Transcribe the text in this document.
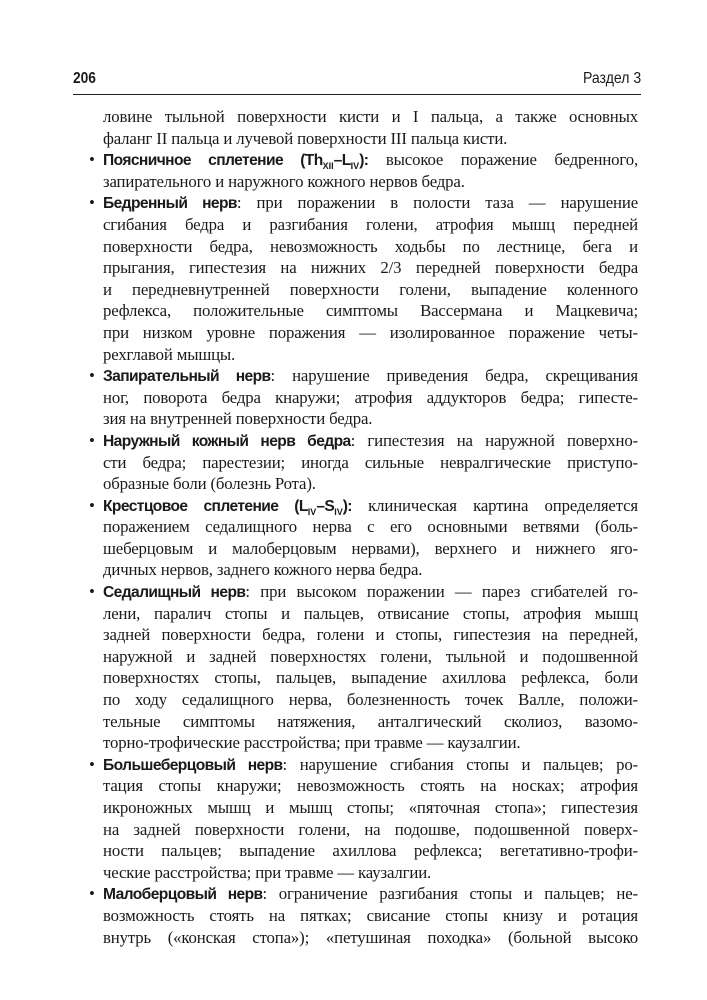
206	Раздел 3
ловине тыльной поверхности кисти и I пальца, а также основных
фаланг II пальца и лучевой поверхности III пальца кисти.
• Поясничное сплетение $(Th_{XII}-L_{IV})$: высокое поражение бедренного,
запирательного и наружного кожного нервов бедра.
• Бедренный нерв: при поражении в полости таза — нарушение
сгибания бедра и разгибания голени, атрофия мышц передней
поверхности бедра, невозможность ходьбы по лестнице, бега и
прыгания, гипестезия на нижних 2/3 передней поверхности бедра
и передневнутренней поверхности голени, выпадение коленного
рефлекса, положительные симптомы Вассермана и Мацкевича;
при низком уровне поражения — изолированное поражение четы-
рехглавой мышцы.
• Запирательный нерв: нарушение приведения бедра, скрещивания
ног, поворота бедра кнаружи; атрофия аддукторов бедра; гипесте-
зия на внутренней поверхности бедра.
• Наружный кожный нерв бедра: гипестезия на наружной поверхно-
сти бедра; парестезии; иногда сильные невралгические приступо-
образные боли (болезнь Рота).
• Крестцовое сплетение $(L_{IV}-S_{IV})$: клиническая картина определяется
поражением седалищного нерва с его основными ветвями (боль-
шеберцовым и малоберцовым нервами), верхнего и нижнего яго-
дичных нервов, заднего кожного нерва бедра.
• Седалищный нерв: при высоком поражении — парез сгибателей го-
лени, паралич стопы и пальцев, отвисание стопы, атрофия мышц
задней поверхности бедра, голени и стопы, гипестезия на передней,
наружной и задней поверхностях голени, тыльной и подошвенной
поверхностях стопы, пальцев, выпадение ахиллова рефлекса, боли
по ходу седалищного нерва, болезненность точек Валле, положи-
тельные симптомы натяжения, анталгический сколиоз, вазомо-
торно-трофические расстройства; при травме — каузалгии.
• Большеберцовый нерв: нарушение сгибания стопы и пальцев; ро-
тация стопы кнаружи; невозможность стоять на носках; атрофия
икроножных мышц и мышц стопы; «пяточная стопа»; гипестезия
на задней поверхности голени, на подошве, подошвенной поверх-
ности пальцев; выпадение ахиллова рефлекса; вегетативно-трофи-
ческие расстройства; при травме — каузалгии.
• Малоберцовый нерв: ограничение разгибания стопы и пальцев; не-
возможность стоять на пятках; свисание стопы книзу и ротация
внутрь («конская стопа»); «петушиная походка» (больной высоко
